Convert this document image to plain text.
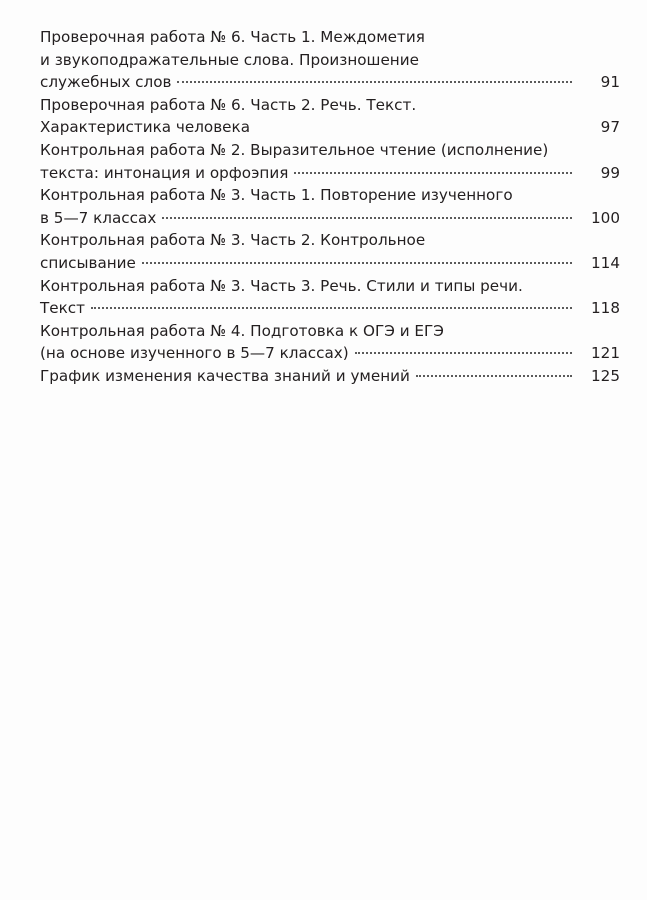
Проверочная работа № 6. Часть 1. Междометия
и звукоподражательные слова. Произношение
служебных слов	91
Проверочная работа № 6. Часть 2. Речь. Текст.
Характеристика человека	97
Контрольная работа № 2. Выразительное чтение (исполнение)
текста: интонация и орфоэпия	99
Контрольная работа № 3. Часть 1. Повторение изученного
в 5—7 классах	100
Контрольная работа № 3. Часть 2. Контрольное
списывание	114
Контрольная работа № 3. Часть 3. Речь. Стили и типы речи.
Текст	118
Контрольная работа № 4. Подготовка к ОГЭ и ЕГЭ
(на основе изученного в 5—7 классах)	121
График изменения качества знаний и умений	125
